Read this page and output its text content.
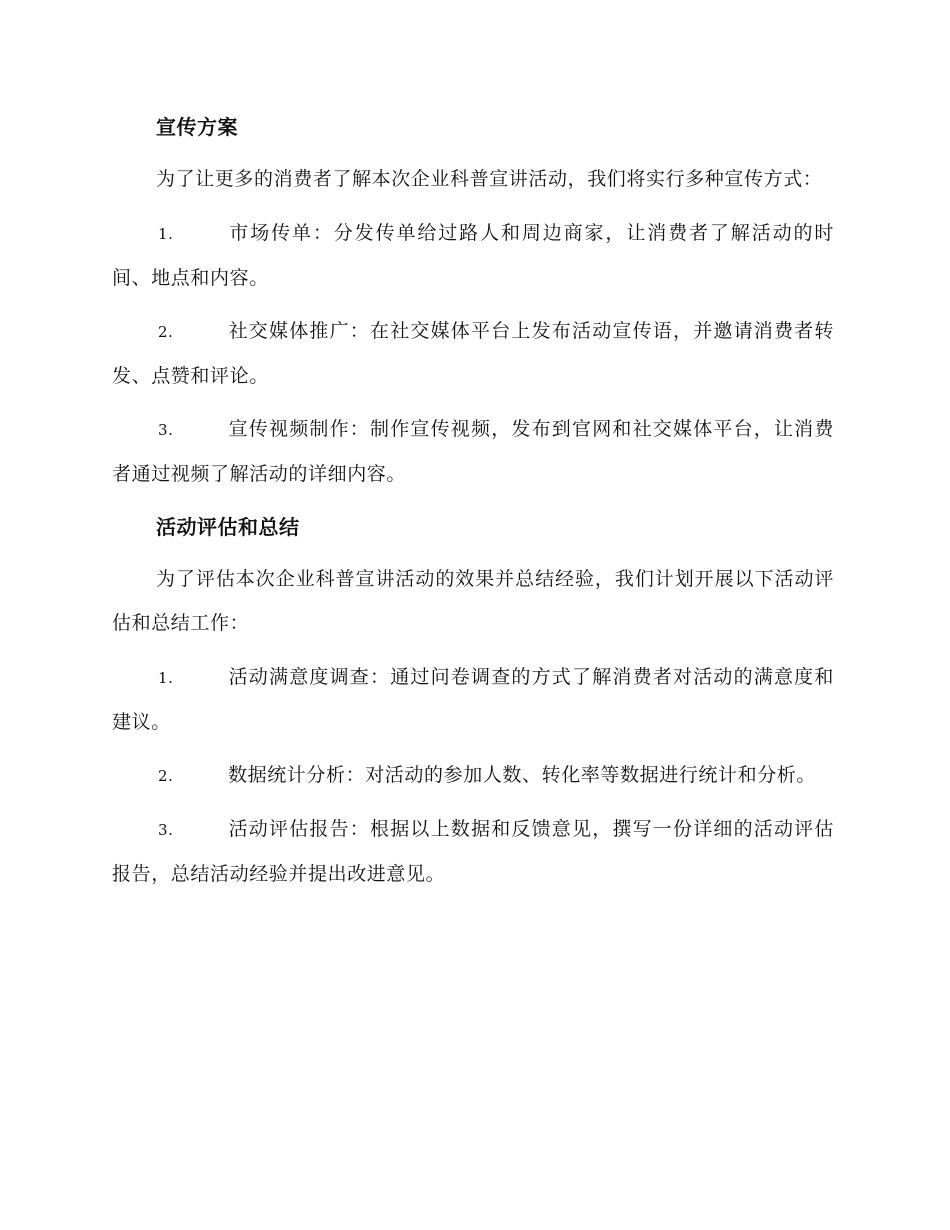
宣传方案

为了让更多的消费者了解本次企业科普宣讲活动，我们将实行多种宣传方式：

1.	市场传单：分发传单给过路人和周边商家，让消费者了解活动的时间、地点和内容。
2.	社交媒体推广：在社交媒体平台上发布活动宣传语，并邀请消费者转发、点赞和评论。
3.	宣传视频制作：制作宣传视频，发布到官网和社交媒体平台，让消费者通过视频了解活动的详细内容。
活动评估和总结

为了评估本次企业科普宣讲活动的效果并总结经验，我们计划开展以下活动评估和总结工作：

1.	活动满意度调查：通过问卷调查的方式了解消费者对活动的满意度和建议。
2.	数据统计分析：对活动的参加人数、转化率等数据进行统计和分析。
3.	活动评估报告：根据以上数据和反馈意见，撰写一份详细的活动评估报告，总结活动经验并提出改进意见。
